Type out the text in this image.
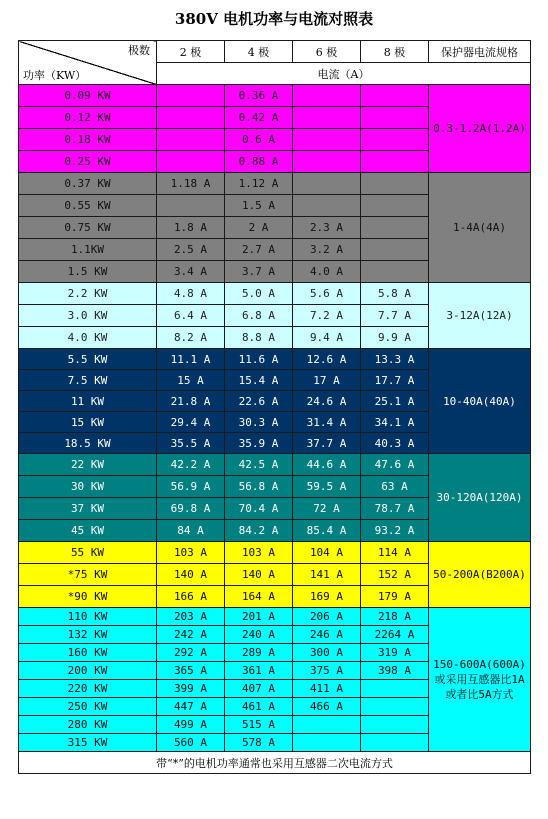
380V 电机功率与电流对照表
极数
功率（KW）	2 极	4 极	6 极	8 极	保护器电流规格
	电流（A）				
0.09 KW		0.36 A			0.3-1.2A(1.2A)
0.12 KW		0.42 A			
0.18 KW		0.6 A			
0.25 KW		0.88 A			
0.37 KW	1.18 A	1.12 A			1-4A(4A)
0.55 KW		1.5 A			
0.75 KW	1.8 A	2 A	2.3 A		
1.1KW	2.5 A	2.7 A	3.2 A		
1.5 KW	3.4 A	3.7 A	4.0 A		
2.2 KW	4.8 A	5.0 A	5.6 A	5.8 A	3-12A(12A)
3.0 KW	6.4 A	6.8 A	7.2 A	7.7 A	
4.0 KW	8.2 A	8.8 A	9.4 A	9.9 A	
5.5 KW	11.1 A	11.6 A	12.6 A	13.3 A	10-40A(40A)
7.5 KW	15 A	15.4 A	17 A	17.7 A	
11 KW	21.8 A	22.6 A	24.6 A	25.1 A	
15 KW	29.4 A	30.3 A	31.4 A	34.1 A	
18.5 KW	35.5 A	35.9 A	37.7 A	40.3 A	
22 KW	42.2 A	42.5 A	44.6 A	47.6 A	30-120A(120A)
30 KW	56.9 A	56.8 A	59.5 A	63 A	
37 KW	69.8 A	70.4 A	72 A	78.7 A	
45 KW	84 A	84.2 A	85.4 A	93.2 A	
55 KW	103 A	103 A	104 A	114 A	50-200A(B200A)
*75 KW	140 A	140 A	141 A	152 A	
*90 KW	166 A	164 A	169 A	179 A	
110 KW	203 A	201 A	206 A	218 A	150-600A(600A)或采用互感器比1A或者比5A方式
132 KW	242 A	240 A	246 A	2264 A	
160 KW	292 A	289 A	300 A	319 A	
200 KW	365 A	361 A	375 A	398 A	
220 KW	399 A	407 A	411 A		
250 KW	447 A	461 A	466 A		
280 KW	499 A	515 A			
315 KW	560 A	578 A			
带“*”的电机功率通常也采用互感器二次电流方式					
